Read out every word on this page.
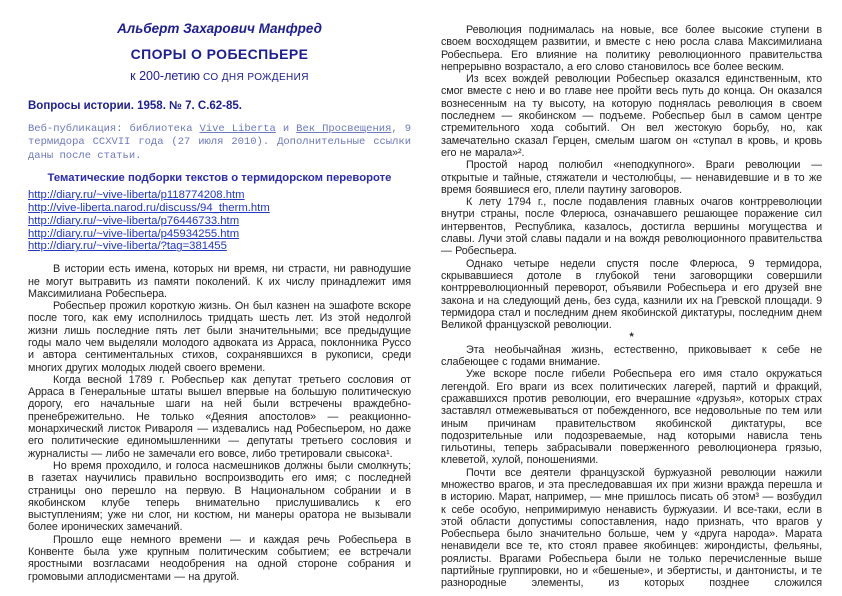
Альберт Захарович Манфред
СПОРЫ О РОБЕСПЬЕРЕ
к 200-летию СО ДНЯ РОЖДЕНИЯ
Вопросы истории. 1958. № 7. С.62-85.

Веб-публикация: библиотека Vive Liberta и Век Просвещения, 9 термидора CCXVII года (27 июля 2010). Дополнительные ссылки даны после статьи.

Тематические подборки текстов о термидорском перевороте
http://diary.ru/~vive-liberta/p118774208.htm
http://vive-liberta.narod.ru/discuss/94_therm.htm
http://diary.ru/~vive-liberta/p76446733.htm
http://diary.ru/~vive-liberta/p45934255.htm
http://diary.ru/~vive-liberta/?tag=381455

В истории есть имена, которых ни время, ни страсти, ни равнодушие не могут вытравить из памяти поколений. К их числу принадлежит имя Максимилиана Робеспьера.

Робеспьер прожил короткую жизнь. Он был казнен на эшафоте вскоре после того, как ему исполнилось тридцать шесть лет. Из этой недолгой жизни лишь последние пять лет были значительными; все предыдущие годы мало чем выделяли молодого адвоката из Арраса, поклонника Руссо и автора сентиментальных стихов, сохранявшихся в рукописи, среди многих других молодых людей своего времени.

Когда весной 1789 г. Робеспьер как депутат третьего сословия от Арраса в Генеральные штаты вышел впервые на большую политическую дорогу, его начальные шаги на ней были встречены враждебно-пренебрежительно. Не только «Деяния апостолов» — реакционно-монархический листок Ривароля — издевались над Робеспьером, но даже его политические единомышленники — депутаты третьего сословия и журналисты — либо не замечали его вовсе, либо третировали свысока¹.

Но время проходило, и голоса насмешников должны были смолкнуть; в газетах научились правильно воспроизводить его имя; с последней страницы оно перешло на первую. В Национальном собрании и в якобинском клубе теперь внимательно прислушивались к его выступлениям; уже ни слог, ни костюм, ни манеры оратора не вызывали более иронических замечаний.

Прошло еще немного времени — и каждая речь Робеспьера в Конвенте была уже крупным политическим событием; ее встречали яростными возгласами неодобрения на одной стороне собрания и громовыми аплодисментами — на другой.

Революция поднималась на новые, все более высокие ступени в своем восходящем развитии, и вместе с нею росла слава Максимилиана Робеспьера. Его влияние на политику революционного правительства непрерывно возрастало, а его слово становилось все более веским.

Из всех вождей революции Робеспьер оказался единственным, кто смог вместе с нею и во главе нее пройти весь путь до конца. Он оказался вознесенным на ту высоту, на которую поднялась революция в своем последнем — якобинском — подъеме. Робеспьер был в самом центре стремительного хода событий. Он вел жестокую борьбу, но, как замечательно сказал Герцен, смелым шагом он «ступал в кровь, и кровь его не марала»².

Простой народ полюбил «неподкупного». Враги революции — открытые и тайные, стяжатели и честолюбцы, — ненавидевшие и в то же время боявшиеся его, плели паутину заговоров.

К лету 1794 г., после подавления главных очагов контрреволюции внутри страны, после Флерюса, означавшего решающее поражение сил интервентов, Республика, казалось, достигла вершины могущества и славы. Лучи этой славы падали и на вождя революционного правительства — Робеспьера.

Однако четыре недели спустя после Флерюса, 9 термидора, скрывавшиеся дотоле в глубокой тени заговорщики совершили контрреволюционный переворот, объявили Робеспьера и его друзей вне закона и на следующий день, без суда, казнили их на Гревской площади. 9 термидора стал и последним днем якобинской диктатуры, последним днем Великой французской революции.

*

Эта необычайная жизнь, естественно, приковывает к себе не слабеющее с годами внимание.

Уже вскоре после гибели Робеспьера его имя стало окружаться легендой. Его враги из всех политических лагерей, партий и фракций, сражавшихся против революции, его вчерашние «друзья», которых страх заставлял отмежевываться от побежденного, все недовольные по тем или иным причинам правительством якобинской диктатуры, все подозрительные или подозреваемые, над которыми нависла тень гильотины, теперь забрасывали поверженного революционера грязью, клеветой, хулой, поношениями.

Почти все деятели французской буржуазной революции нажили множество врагов, и эта преследовавшая их при жизни вражда перешла и в историю. Марат, например, — мне пришлось писать об этом³ — возбудил к себе особую, непримиримую ненависть буржуазии. И все-таки, если в этой области допустимы сопоставления, надо признать, что врагов у Робеспьера было значительно больше, чем у «друга народа». Марата ненавидели все те, кто стоял правее якобинцев: жирондисты, фельяны, роялисты. Врагами Робеспьера были не только перечисленные выше партийные группировки, но и «бешеные», и эбертисты, и дантонисты, и те разнородные элементы, из которых позднее сложился
